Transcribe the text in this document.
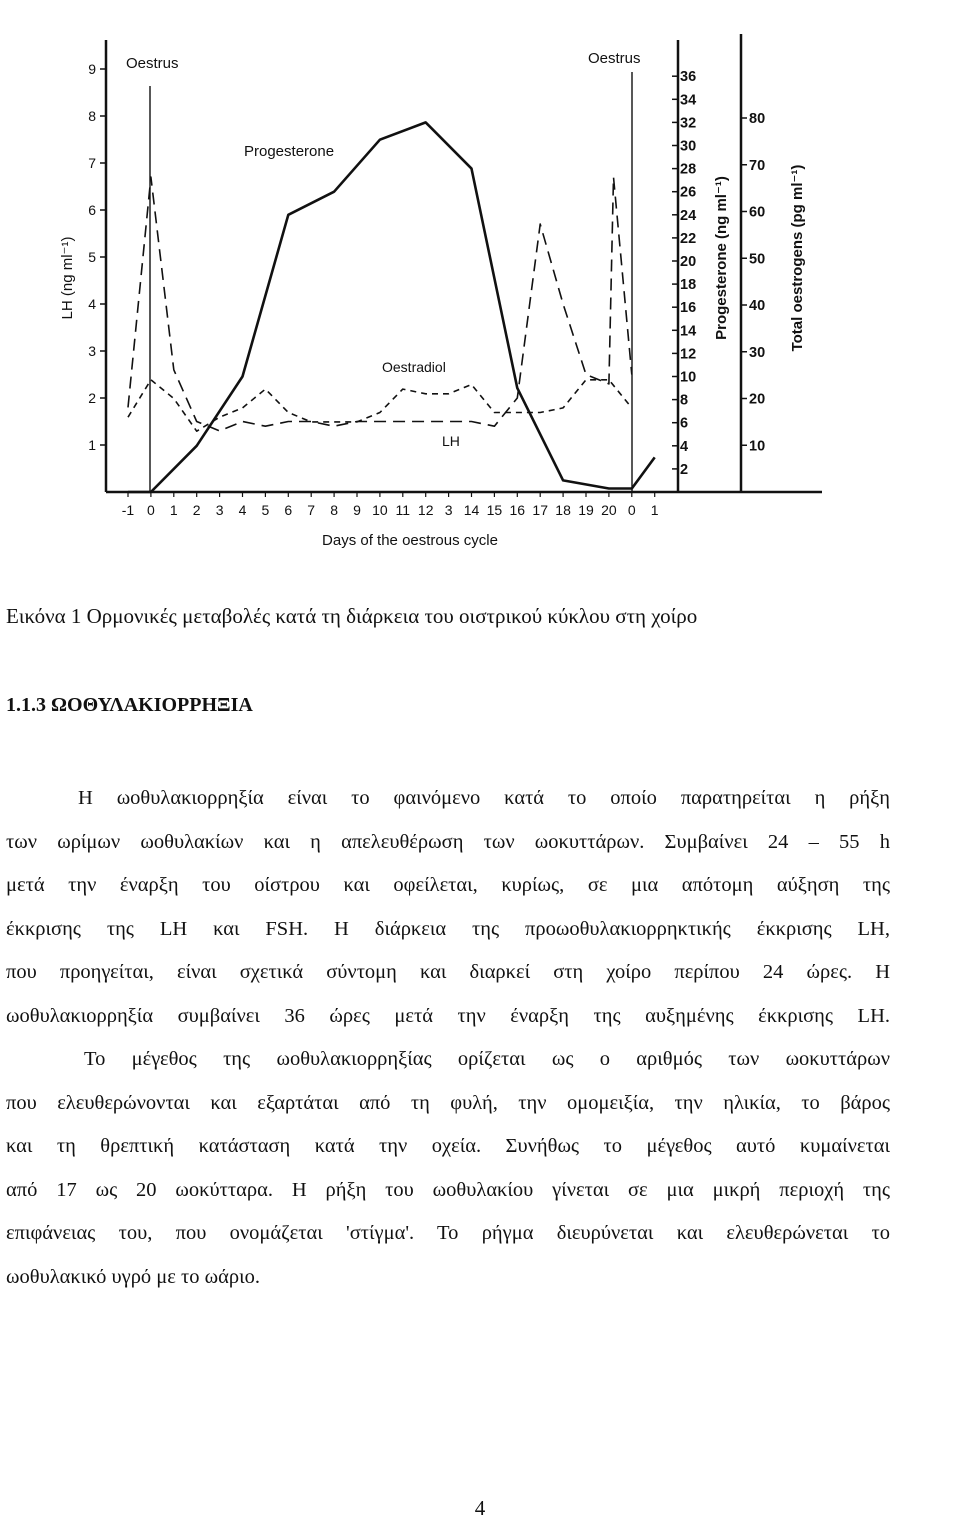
1
2
3
4
5
6
7
8
9
2
4
6
8
10
12
14
16
18
20
22
24
26
28
30
32
34
36
10
20
30
40
50
60
70
80
-1 0 1 2 3 4 5 6 7 8 9 10 11 12 3 14 15 16 17 18 19 20 0 1
Oestrus	Oestrus
Progesterone
Oestradiol
LH
LH (ng ml⁻¹)	Progesterone (ng ml⁻¹)	Total oestrogens (pg ml⁻¹)
Days of the oestrous cycle
Εικόνα 1 Ορμονικές μεταβολές κατά τη διάρκεια του οιστρικού κύκλου στη χοίρο
1.1.3 ΩΟΘΥΛΑΚΙΟΡΡΗΞΙΑ
Η ωοθυλακιορρηξία είναι το φαινόμενο κατά το οποίο παρατηρείται η ρήξη
των ωρίμων ωοθυλακίων και η απελευθέρωση των ωοκυττάρων. Συμβαίνει 24 – 55 h
μετά την έναρξη του οίστρου και οφείλεται, κυρίως, σε μια απότομη αύξηση της
έκκρισης της LH και FSH. Η διάρκεια της προωοθυλακιορρηκτικής έκκρισης LH,
που προηγείται, είναι σχετικά σύντομη και διαρκεί στη χοίρο περίπου 24 ώρες. Η
ωοθυλακιορρηξία συμβαίνει 36 ώρες μετά την έναρξη της αυξημένης έκκρισης LH.
Το μέγεθος της ωοθυλακιορρηξίας ορίζεται ως ο αριθμός των ωοκυττάρων
που ελευθερώνονται και εξαρτάται από τη φυλή, την ομομειξία, την ηλικία, το βάρος
και τη θρεπτική κατάσταση κατά την οχεία. Συνήθως το μέγεθος αυτό κυμαίνεται
από 17 ως 20 ωοκύτταρα. Η ρήξη του ωοθυλακίου γίνεται σε μια μικρή περιοχή της
επιφάνειας του, που ονομάζεται 'στίγμα'. Το ρήγμα διευρύνεται και ελευθερώνεται το
ωοθυλακικό υγρό με το ωάριο.
4
